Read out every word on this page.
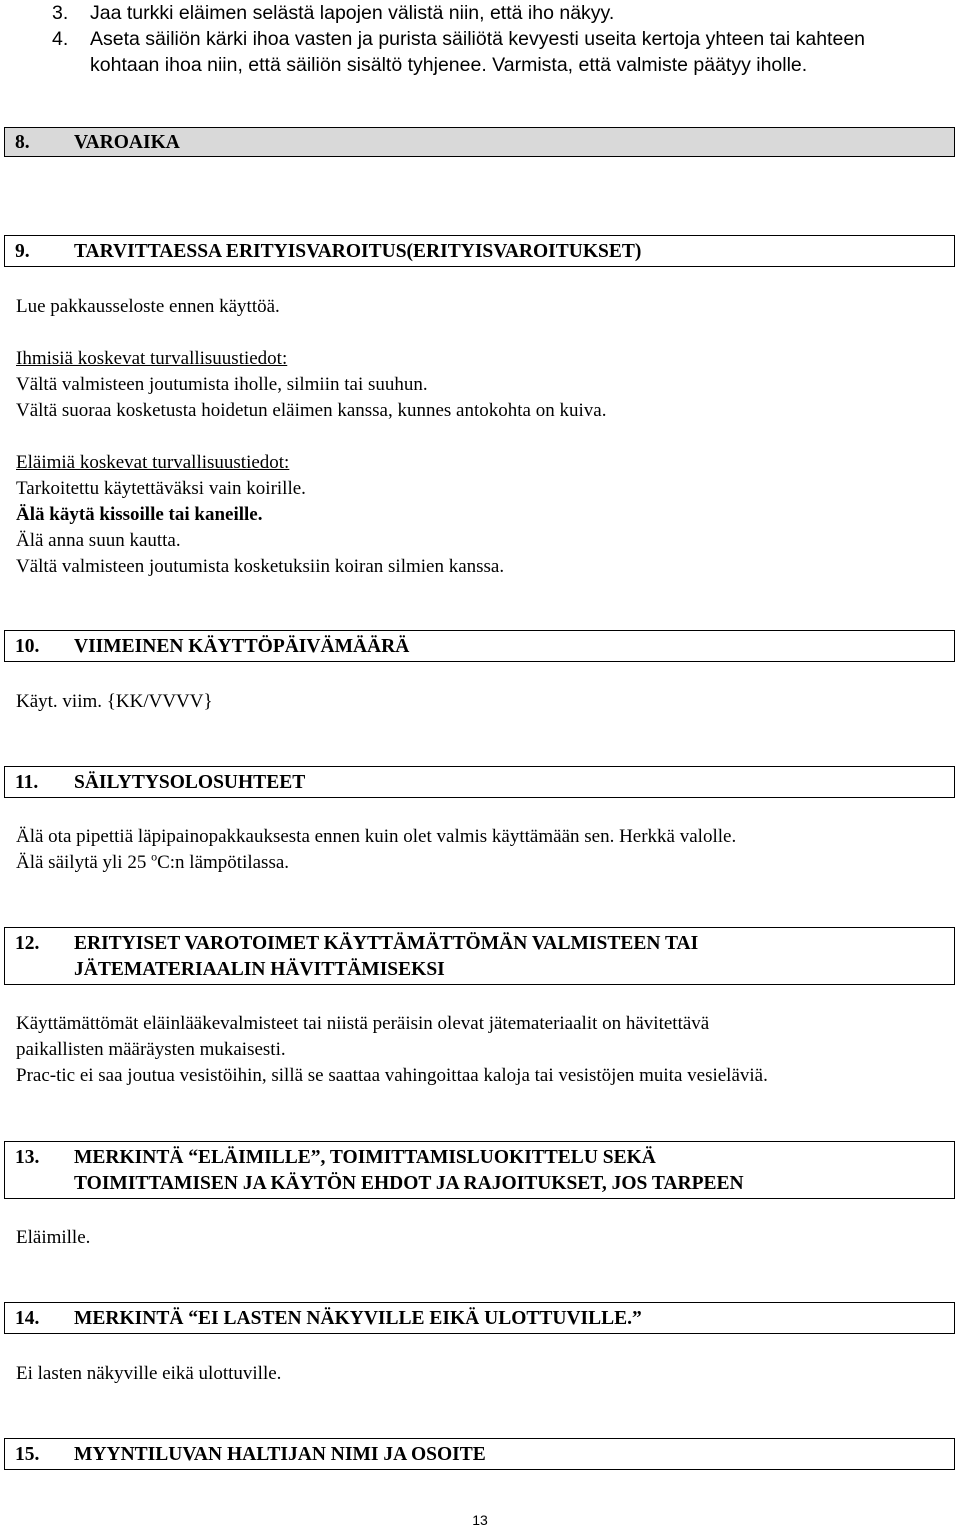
3. Jaa turkki eläimen selästä lapojen välistä niin, että iho näkyy.
4. Aseta säiliön kärki ihoa vasten ja purista säiliötä kevyesti useita kertoja yhteen tai kahteen
kohtaan ihoa niin, että säiliön sisältö tyhjenee. Varmista, että valmiste päätyy iholle.
8. VAROAIKA
9. TARVITTAESSA ERITYISVAROITUS(ERITYISVAROITUKSET)
Lue pakkausseloste ennen käyttöä.
Ihmisiä koskevat turvallisuustiedot:
Vältä valmisteen joutumista iholle, silmiin tai suuhun.
Vältä suoraa kosketusta hoidetun eläimen kanssa, kunnes antokohta on kuiva.
Eläimiä koskevat turvallisuustiedot:
Tarkoitettu käytettäväksi vain koirille.
Älä käytä kissoille tai kaneille.
Älä anna suun kautta.
Vältä valmisteen joutumista kosketuksiin koiran silmien kanssa.
10. VIIMEINEN KÄYTTÖPÄIVÄMÄÄRÄ
Käyt. viim. {KK/VVVV}
11. SÄILYTYSOLOSUHTEET
Älä ota pipettiä läpipainopakkauksesta ennen kuin olet valmis käyttämään sen. Herkkä valolle.
Älä säilytä yli 25 $^o$C:n lämpötilassa.
12. ERITYISET VAROTOIMET KÄYTTÄMÄTTÖMÄN VALMISTEEN TAI
JÄTEMATERIAALIN HÄVITTÄMISEKSI
Käyttämättömät eläinlääkevalmisteet tai niistä peräisin olevat jätemateriaalit on hävitettävä
paikallisten määräysten mukaisesti.
Prac-tic ei saa joutua vesistöihin, sillä se saattaa vahingoittaa kaloja tai vesistöjen muita vesieläviä.
13. MERKINTÄ “ELÄIMILLE”, TOIMITTAMISLUOKITTELU SEKÄ
TOIMITTAMISEN JA KÄYTÖN EHDOT JA RAJOITUKSET, JOS TARPEEN
Eläimille.
14. MERKINTÄ “EI LASTEN NÄKYVILLE EIKÄ ULOTTUVILLE.”
Ei lasten näkyville eikä ulottuville.
15. MYYNTILUVAN HALTIJAN NIMI JA OSOITE
13
